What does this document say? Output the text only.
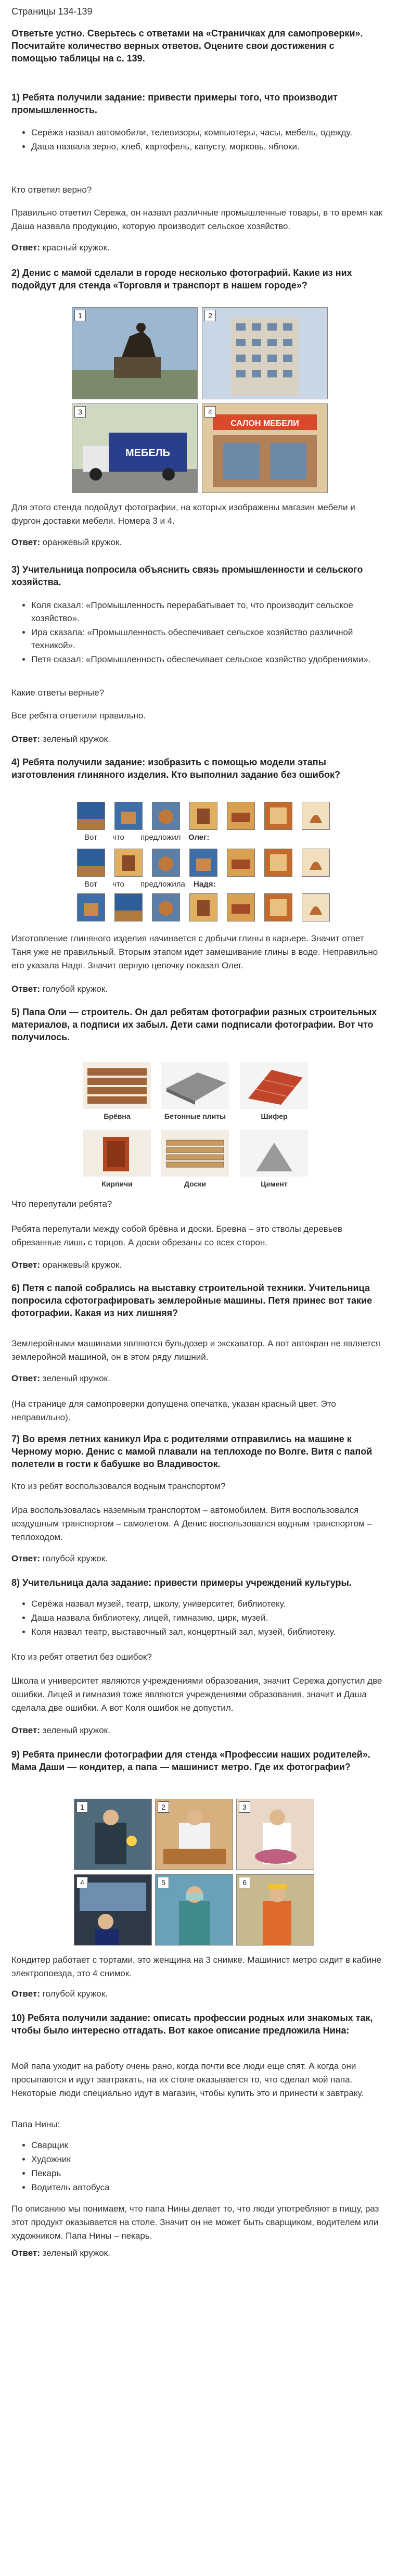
Страницы 134-139
Ответьте устно. Сверьтесь с ответами на «Страничках для самопроверки». Посчитайте количество верных ответов. Оцените свои достижения с помощью таблицы на с. 139.
1) Ребята получили задание: привести примеры того, что производит промышленность.
• Серёжа назвал автомобили, телевизоры, компьютеры, часы, мебель, одежду.
• Даша назвала зерно, хлеб, картофель, капусту, морковь, яблоки.
Кто ответил верно?
Правильно ответил Сережа, он назвал различные промышленные товары, в то время как Даша назвала продукцию, которую производит сельское хозяйство.
Ответ: красный кружок.
2) Денис с мамой сделали в городе несколько фотографий. Какие из них подойдут для стенда «Торговля и транспорт в нашем городе»?
1	2
МЕБЕЛЬ
3
САЛОН МЕБЕЛИ
4
Для этого стенда подойдут фотографии, на которых изображены магазин мебели и фургон доставки мебели. Номера 3 и 4.
Ответ: оранжевый кружок.
3) Учительница попросила объяснить связь промышленности и сельского хозяйства.
• Коля сказал: «Промышленность перерабатывает то, что производит сельское хозяйство».
• Ира сказала: «Промышленность обеспечивает сельское хозяйство различной техникой».
• Петя сказал: «Промышленность обеспечивает сельское хозяйство удобрениями».
Какие ответы верные?
Все ребята ответили правильно.
Ответ: зеленый кружок.
4) Ребята получили задание: изобразить с помощью модели этапы изготовления глиняного изделия. Кто выполнил задание без ошибок?
Вот что предложил Олег:
Вот что предложила Надя:
Изготовление глиняного изделия начинается с добычи глины в карьере. Значит ответ Таня уже не правильный. Вторым этапом идет замешивание глины в воде. Неправильно его указала Надя. Значит верную цепочку показал Олег.
Ответ: голубой кружок.
5) Папа Оли — строитель. Он дал ребятам фотографии разных строительных материалов, а подписи их забыл. Дети сами подписали фотографии. Вот что получилось.
Брёвна	Бетонные плиты	Шифер
Кирпичи	Доски	Цемент
Что перепутали ребята?
Ребята перепутали между собой брёвна и доски. Бревна – это стволы деревьев обрезанные лишь с торцов. А доски обрезаны со всех сторон.
Ответ: оранжевый кружок.
6) Петя с папой собрались на выставку строительной техники. Учительница попросила сфотографировать землеройные машины. Петя принес вот такие фотографии. Какая из них лишняя?
Землеройными машинами являются бульдозер и экскаватор. А вот автокран не является землеройной машиной, он в этом ряду лишний.
Ответ: зеленый кружок.
(На странице для самопроверки допущена опечатка, указан красный цвет. Это неправильно).
7) Во время летних каникул Ира с родителями отправились на машине к Черному морю. Денис с мамой плавали на теплоходе по Волге. Витя с папой полетели в гости к бабушке во Владивосток.
Кто из ребят воспользовался водным транспортом?
Ира воспользовалась наземным транспортом – автомобилем. Витя воспользовался воздушным транспортом – самолетом. А Денис воспользовался водным транспортом – теплоходом.
Ответ: голубой кружок.
8) Учительница дала задание: привести примеры учреждений культуры.
• Серёжа назвал музей, театр, школу, университет, библиотеку.
• Даша назвала библиотеку, лицей, гимназию, цирк, музей.
• Коля назвал театр, выставочный зал, концертный зал, музей, библиотеку.
Кто из ребят ответил без ошибок?
Школа и университет являются учреждениями образования, значит Сережа допустил две ошибки. Лицей и гимназия тоже являются учреждениями образования, значит и Даша сделала две ошибки. А вот Коля ошибок не допустил.
Ответ: зеленый кружок.
9) Ребята принесли фотографии для стенда «Профессии наших родителей». Мама Даши — кондитер, а папа — машинист метро. Где их фотографии?
1	2	3
4	5	6
Кондитер работает с тортами, это женщина на 3 снимке. Машинист метро сидит в кабине электропоезда, это 4 снимок.
Ответ: голубой кружок.
10) Ребята получили задание: описать профессии родных или знакомых так, чтобы было интересно отгадать. Вот какое описание предложила Нина:
Мой папа уходит на работу очень рано, когда почти все люди еще спят. А когда они просыпаются и идут завтракать, на их столе оказывается то, что сделал мой папа. Некоторые люди специально идут в магазин, чтобы купить это и принести к завтраку.
Папа Нины:
• Сварщик
• Художник
• Пекарь
• Водитель автобуса
По описанию мы понимаем, что папа Нины делает то, что люди употребляют в пищу, раз этот продукт оказывается на столе. Значит он не может быть сварщиком, водителем или художником. Папа Нины – пекарь.
Ответ: зеленый кружок.
